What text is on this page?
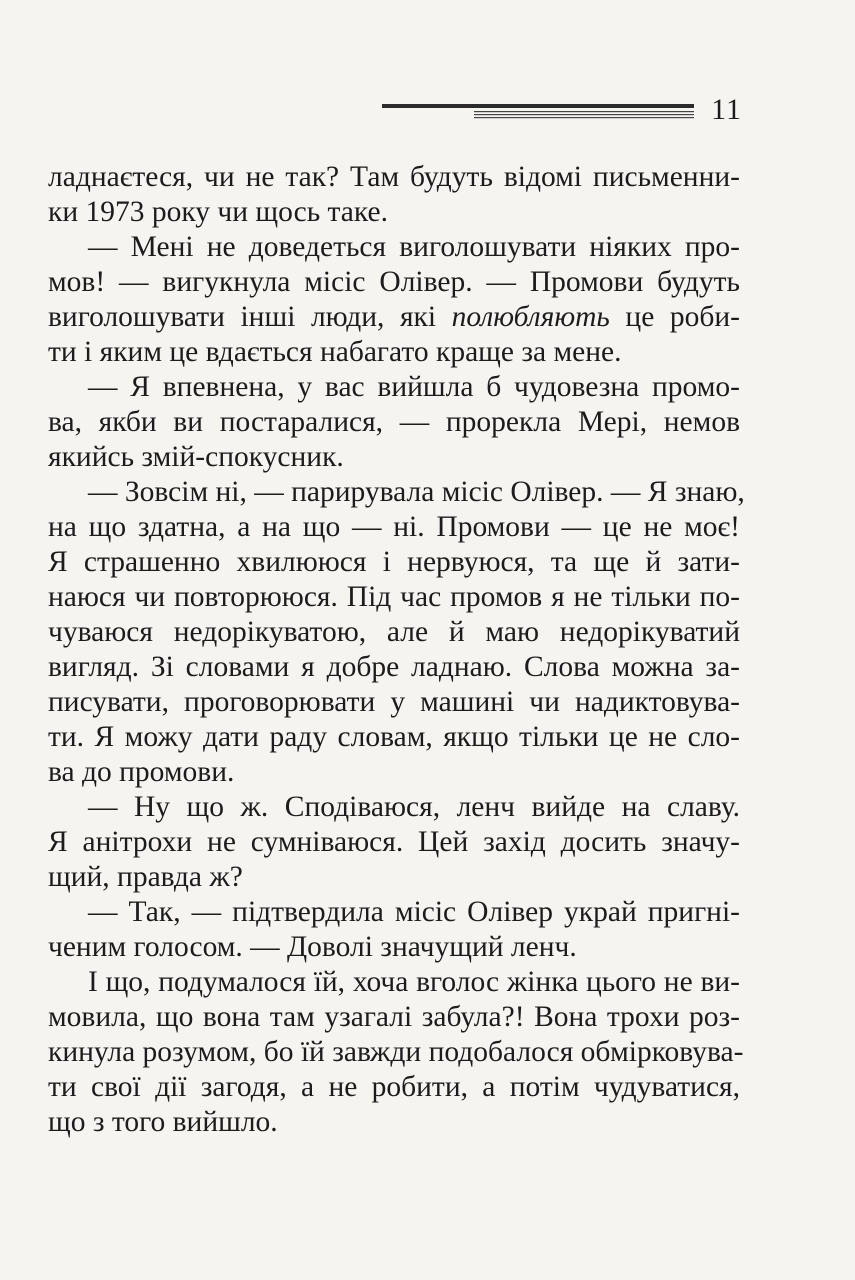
11
ладнаєтеся, чи не так? Там будуть відомі письменни-
ки 1973 року чи щось таке.
— Мені не доведеться виголошувати ніяких про-
мов! — вигукнула місіс Олівер. — Промови будуть
виголошувати інші люди, які полюбляють це роби-
ти і яким це вдається набагато краще за мене.
— Я впевнена, у вас вийшла б чудовезна промо-
ва, якби ви постаралися, — прорекла Мері, немов
якийсь змій-спокусник.
— Зовсім ні, — парирувала місіс Олівер. — Я знаю,
на що здатна, а на що — ні. Промови — це не моє!
Я страшенно хвилююся і нервуюся, та ще й зати-
наюся чи повторююся. Під час промов я не тільки по-
чуваюся недорікуватою, але й маю недорікуватий
вигляд. Зі словами я добре ладнаю. Слова можна за-
писувати, проговорювати у машині чи надиктовува-
ти. Я можу дати раду словам, якщо тільки це не сло-
ва до промови.
— Ну що ж. Сподіваюся, ленч вийде на славу.
Я анітрохи не сумніваюся. Цей захід досить значу-
щий, правда ж?
— Так, — підтвердила місіс Олівер украй пригні-
ченим голосом. — Доволі значущий ленч.
І що, подумалося їй, хоча вголос жінка цього не ви-
мовила, що вона там узагалі забула?! Вона трохи роз-
кинула розумом, бо їй завжди подобалося обмірковува-
ти свої дії загодя, а не робити, а потім чудуватися,
що з того вийшло.
